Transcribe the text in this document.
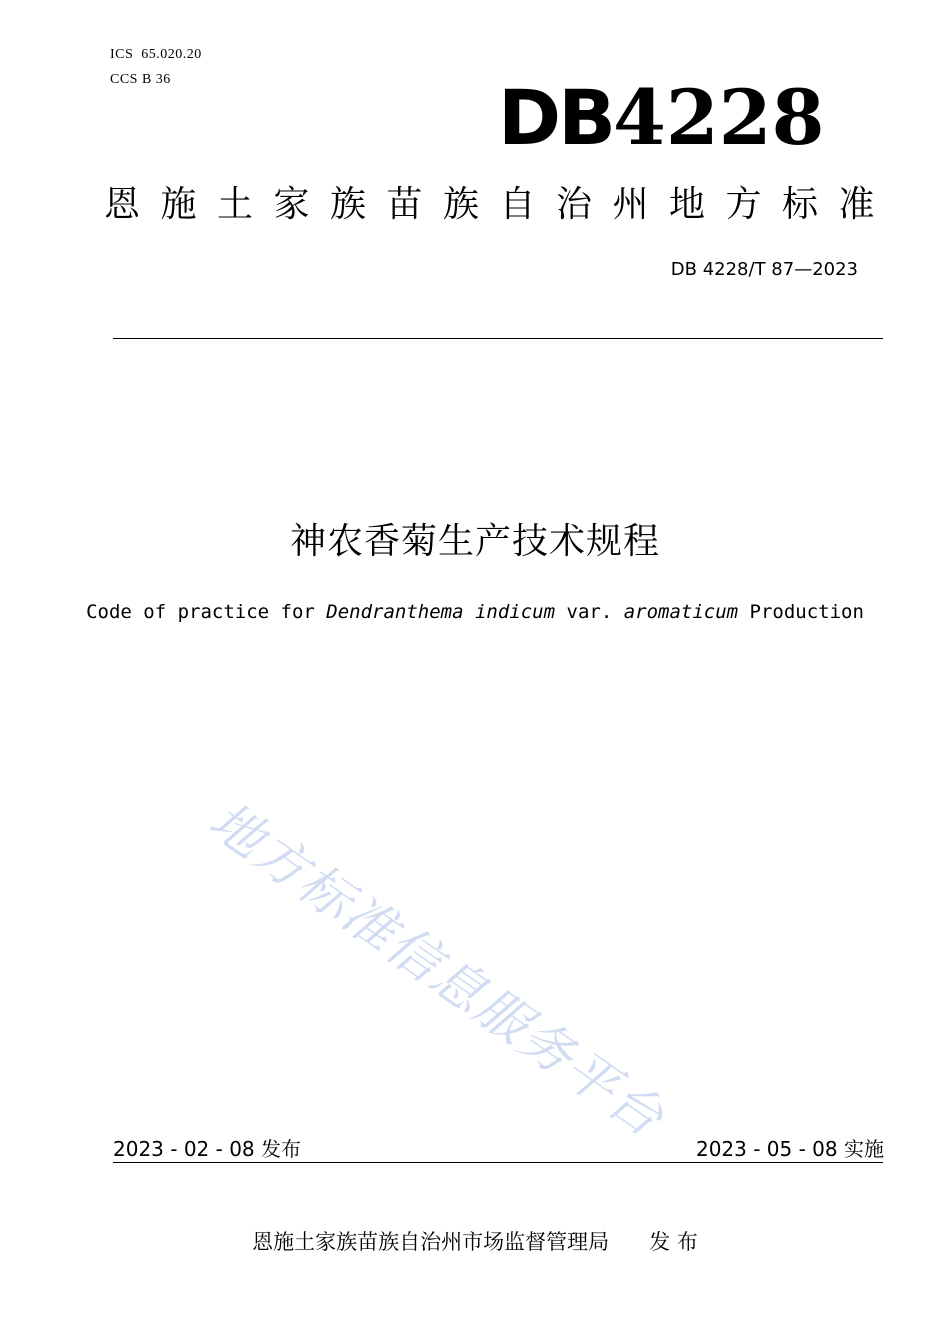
ICS  65.020.20
CCS B 36	DB4228
恩施土家族苗族自治州地方标准
DB 4228/T 87—2023
神农香菊生产技术规程
Code of practice for Dendranthema indicum var. aromaticum Production
地方标准信息服务平台
2023 - 02 - 08 发布	2023 - 05 - 08 实施
恩施土家族苗族自治州市场监督管理局      发 布
